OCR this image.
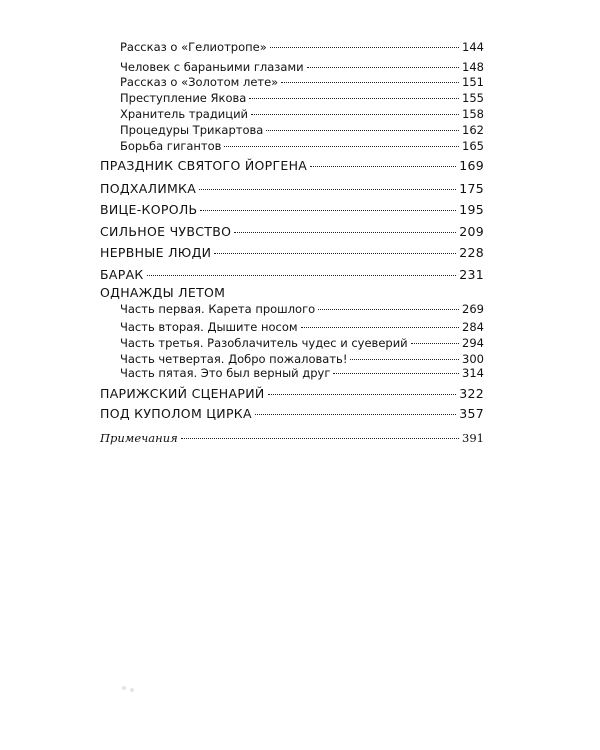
Рассказ о «Гелиотропе»	144
Человек с бараньими глазами	148
Рассказ о «Золотом лете»	151
Преступление Якова	155
Хранитель традиций	158
Процедуры Трикартова	162
Борьба гигантов	165
ПРАЗДНИК СВЯТОГО ЙОРГЕНА	169
ПОДХАЛИМКА	175
ВИЦЕ-КОРОЛЬ	195
СИЛЬНОЕ ЧУВСТВО	209
НЕРВНЫЕ ЛЮДИ	228
БАРАК	231
ОДНАЖДЫ ЛЕТОМ
Часть первая. Карета прошлого	269
Часть вторая. Дышите носом	284
Часть третья. Разоблачитель чудес и суеверий	294
Часть четвертая. Добро пожаловать!	300
Часть пятая. Это был верный друг	314
ПАРИЖСКИЙ СЦЕНАРИЙ	322
ПОД КУПОЛОМ ЦИРКА	357
Примечания	391
